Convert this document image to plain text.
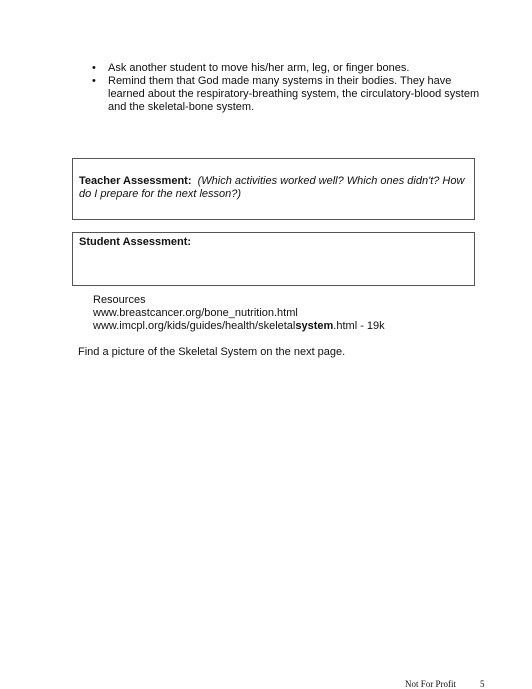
• Ask another student to move his/her arm, leg, or finger bones.
• Remind them that God made many systems in their bodies. They have learned about the respiratory-breathing system, the circulatory-blood system and the skeletal-bone system.
Teacher Assessment: (Which activities worked well? Which ones didn't? How do I prepare for the next lesson?)
Student Assessment:
Resources
www.breastcancer.org/bone_nutrition.html
www.imcpl.org/kids/guides/health/skeletalsystem.html - 19k
Find a picture of the Skeletal System on the next page.
Not For Profit	5
